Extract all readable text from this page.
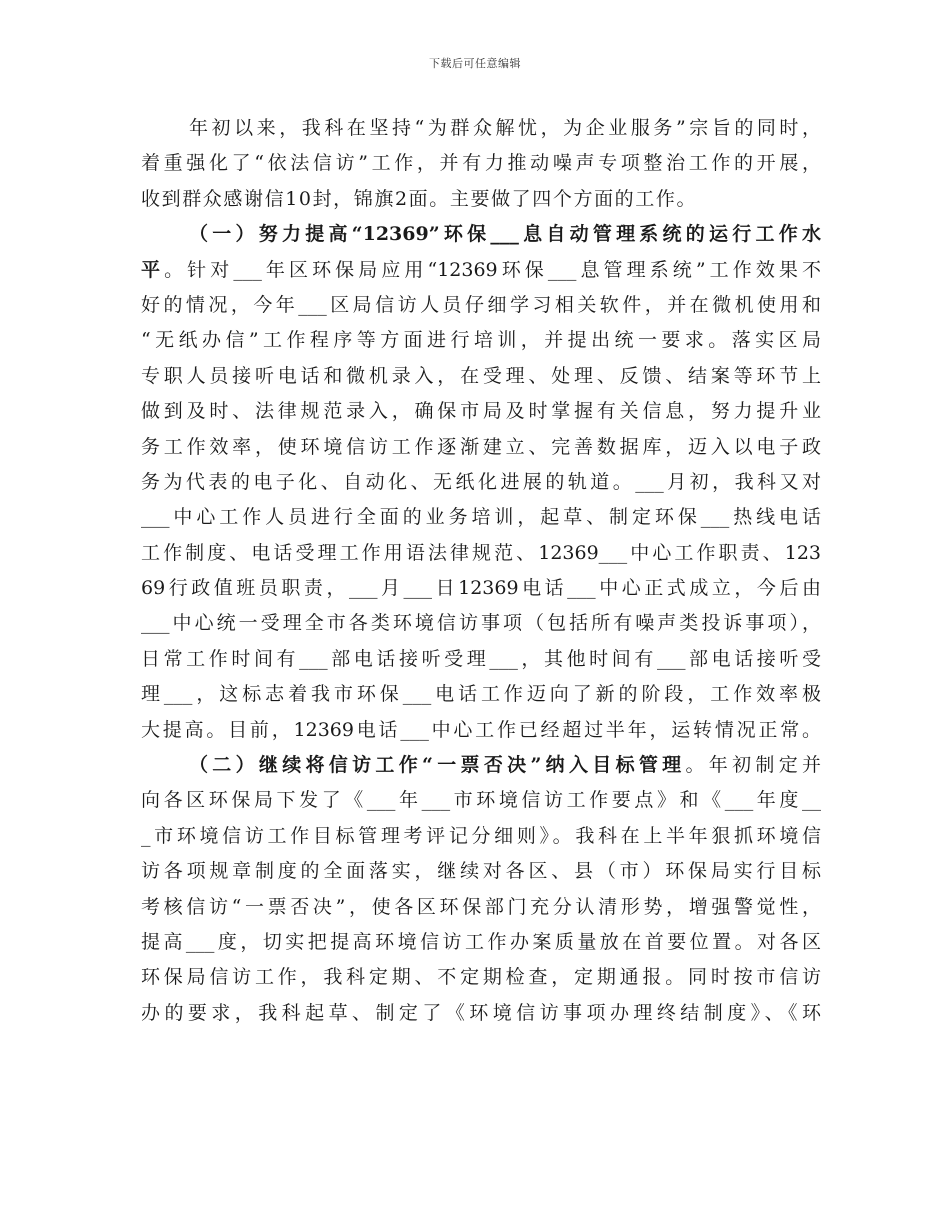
下载后可任意编辑
年初以来，我科在坚持“为群众解忧，为企业服务”宗旨的同时，
着重强化了“依法信访”工作，并有力推动噪声专项整治工作的开展，
收到群众感谢信10封，锦旗2面。主要做了四个方面的工作。
（一）努力提高“12369”环保___息自动管理系统的运行工作水
平。针对___年区环保局应用“12369环保___息管理系统”工作效果不
好的情况，今年___区局信访人员仔细学习相关软件，并在微机使用和
“无纸办信”工作程序等方面进行培训，并提出统一要求。落实区局
专职人员接听电话和微机录入，在受理、处理、反馈、结案等环节上
做到及时、法律规范录入，确保市局及时掌握有关信息，努力提升业
务工作效率，使环境信访工作逐渐建立、完善数据库，迈入以电子政
务为代表的电子化、自动化、无纸化进展的轨道。___月初，我科又对
___中心工作人员进行全面的业务培训，起草、制定环保___热线电话
工作制度、电话受理工作用语法律规范、12369___中心工作职责、123
69行政值班员职责，___月___日12369电话___中心正式成立，今后由
___中心统一受理全市各类环境信访事项（包括所有噪声类投诉事项），
日常工作时间有___部电话接听受理___，其他时间有___部电话接听受
理___，这标志着我市环保___电话工作迈向了新的阶段，工作效率极
大提高。目前，12369电话___中心工作已经超过半年，运转情况正常。
（二）继续将信访工作“一票否决”纳入目标管理。年初制定并
向各区环保局下发了《___年___市环境信访工作要点》和《___年度__
_市环境信访工作目标管理考评记分细则》。我科在上半年狠抓环境信
访各项规章制度的全面落实，继续对各区、县（市）环保局实行目标
考核信访“一票否决”，使各区环保部门充分认清形势，增强警觉性，
提高___度，切实把提高环境信访工作办案质量放在首要位置。对各区
环保局信访工作，我科定期、不定期检查，定期通报。同时按市信访
办的要求，我科起草、制定了《环境信访事项办理终结制度》、《环
